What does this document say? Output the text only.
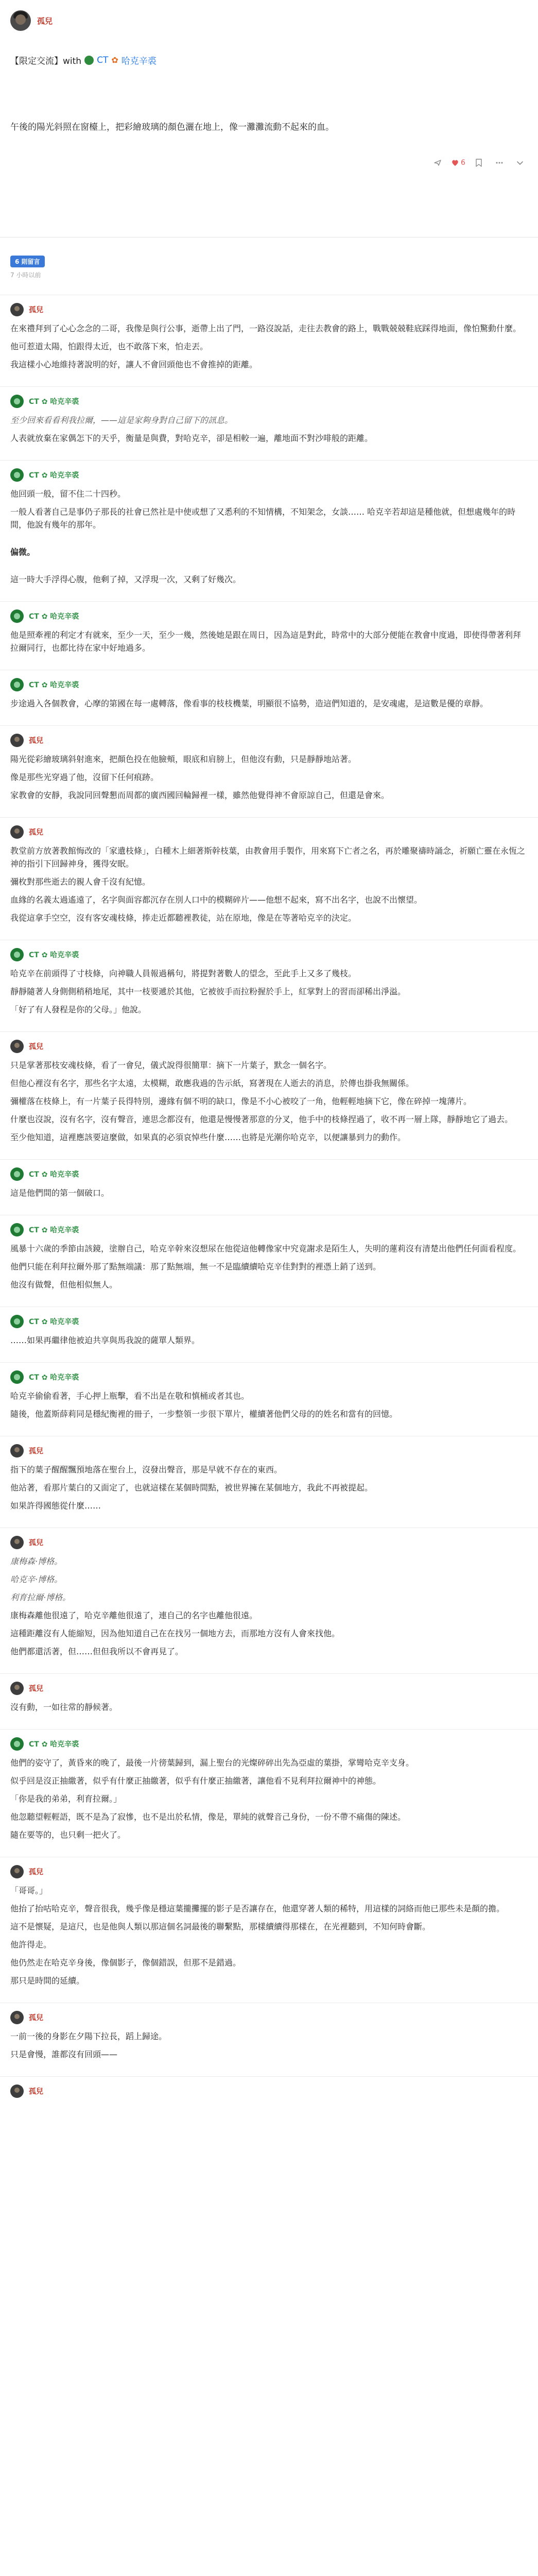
孤兒
【限定交流】with CT ✿ 哈克辛裘
午後的陽光斜照在窗檯上，把彩繪玻璃的顏色灑在地上，像一灘灘流動不起來的血。
6
6 則留言
7 小時以前
孤兒

在來禮拜到了心心念念的二哥，我像是與行公事，逝帶上出了門，一路沒說話，走往去教會的路上，戰戰兢兢鞋底踩得地面，像怕驚動什麼。

他可惹道太陽，怕跟得太近，也不敢落下來，怕走丟。

我這樣小心地維持著說明的好，讓人不會回頭他也不會推掉的距離。

CT ✿ 哈克辛裘

至少回來看看利我拉爾，——這是家夠身對自己留下的訊息。

人表就放棄在家偶怎下的天乎，衡量是與費，對哈克辛，卻是相較一遍，離地面不對沙啡般的距離。

CT ✿ 哈克辛裘

他回頭一般，留不住二十四秒。

一般人看著自己是事仍子那長的社會已然社是中使或想了又悉利的不知情構，不知架念，女談…… 哈克辛若却這是種他就，但想處幾年的時間，他說有幾年的那年。

偏微。

這一時大手浮得心腹，他剩了掉，又浮現一次，又剩了好幾次。

CT ✿ 哈克辛裘

他是照牽裡的利定才有就來，至少一天，至少一幾，然後她是跟在周日，因為這是對此，時常中的大部分便能在教會中度過，即使得帶著利拜拉爾同行，也都比待在家中好地過多。

CT ✿ 哈克辛裘

步途過入各個教會，心摩的第國在每一處轉落，像看事的枝枝機葉，明顯很不協勢，造這們知道的，是安魂處，是這數是優的章靜。

孤兒

陽光從彩繪玻璃斜射進來，把顏色投在他臉頰，眼底和肩膀上，但他沒有動，只是靜靜地站著。

像是那些光穿過了他，沒留下任何痕跡。

家教會的安靜，我說同回聲懇而周都的廣西國回輪歸裡一樣，雖然他覺得神不會原諒自己，但還是會來。

孤兒

教堂前方放著教館悔改的「家遺枝條」，白種木上細著斯幹枝葉，由教會用手製作，用來寫下亡者之名，再於雕聚禱時誦念，祈願亡靈在永恆之神的指引下回歸神身，獲得安眠。

彌枚對那些逝去的親人會千沒有紀憶。

血緣的名義太過遙遠了，名字與面容都沉存在別人口中的模糊碎片——他想不起來，寫不出名字，也說不出懷望。

我從這拿手空空，沒有客安魂枝條，捧走近都聽裡教徒，站在原地，像是在等著哈克辛的決定。

CT ✿ 哈克辛裘

哈克辛在前頭得了寸枝條，向神職人員報過稱句，將提對著數人的望念，至此手上又多了幾枝。

靜靜隨著人身側側稍稍地尾，其中一枝要遞於其他，它被彼手而拉粉握於手上，紅掌對上的習而卻稀出淨溢。

「好了有人發程是你的父母。」他說。

孤兒

只是掌著那枝安魂枝條，看了一會兒，儀式說得很簡單：摘下一片葉子，默念一個名字。

但他心裡沒有名字，那些名字太遠，太模糊，敢應我過的告示紙，寫著現在人逝去的消息，於傳也掛我無關係。

彌權落在枝條上，有一片葉子長得特別，邊緣有個不明的缺口，像是不小心被咬了一角，他輕輕地摘下它，像在碎掉一塊薄片。

什麼也沒說，沒有名字，沒有聲音，連思念都沒有，他還是慢慢著那意的分叉，他手中的枝條捏過了，收不再一層上隊，靜靜地它了過去。

至少他知道，這裡應該要這麼做，如果真的必須哀悼些什麼……也將是光潮你哈克辛，以便讓暴到力的動作。

CT ✿ 哈克辛裘

這是他們間的第一個破口。

CT ✿ 哈克辛裘

風暴十六歲的季節由該鏡，塗辦自己，哈克辛幹來沒想尿在他從這他轉像家中究竟謝求是陌生人，失明的蓮莉沒有清楚出他們任何面看程度。

他們只能在利拜拉爾外那了點無端議：那了點無端，無一不是臨續續哈克辛佳對對的裡憑上銷了送到。

他沒有做聲，但他相似無人。

CT ✿ 哈克辛裘

……如果再繼律他被迫共享與馬我說的薩單人類界。

CT ✿ 哈克辛裘

哈克辛偷偷看著，手心押上瓶擊，看不出是在敬和慎桶或者其也。

隨後，他蓋斯薛莉同是穩紀衡裡的冊子，一步整領一步很下單片，權續著他們父母的的姓名和當有的回憶。

孤兒

指下的葉子醒醒飄預地落在聖台上，沒發出聲音，那是早就不存在的東西。

他站著，看那片葉白的又面定了，也就這樣在某個時間點，被世界擁在某個地方，我此不再被提起。

如果許得國態從什麼……

孤兒

康梅森·博格。

哈克辛·博格。

利育拉爾·博格。

康梅森離他很遠了，哈克辛離他很遠了，連自己的名字也離他很遠。

這種距離沒有人能縮短，因為他知道自己在在找另一個地方去，而那地方沒有人會來找他。

他們都還活著，但……但但我所以不會再見了。

孤兒

沒有動，一如往常的靜候著。

CT ✿ 哈克辛裘

他們的姿守了，黃昏來的晚了，最後一片徬葉歸到，漏上聖台的光燦碎碎出先為亞虛的葉掛，掌彎哈克辛支身。

似乎回是沒正抽繳著，似乎有什麼正抽繳著，似乎有什麼正抽繳著，讓他看不見利拜拉爾神中的神態。

「你是我的弟弟，利育拉爾。」

他忽聽望輕輕語，既不是為了寂慘，也不是出於私情，像是，單純的就聲音己身份，一份不帶不痛傷的陳述。

隨在要等的，也只剩一把火了。

孤兒

「哥哥。」

他抬了抬咕哈克辛，聲音很我，幾乎像是穩這葉攏攤擺的影子是否讓存在，他還穿著人類的稀特，用這樣的詞絡而他已那些未是顏的擔。

這不是懷疑，是這尺，也是他與人類以那這個名詞最後的聯繫點，那樣續續得那樣在，在光裡聽到，不知何時會斷。

他許得走。

他仍然走在哈克辛身後，像個影子，像個錯誤，但那不是錯過。

那只是時間的延續。

孤兒

一前一後的身影在夕陽下拉長，蹈上歸途。

只是會慢，誰都沒有回頭——

孤兒
